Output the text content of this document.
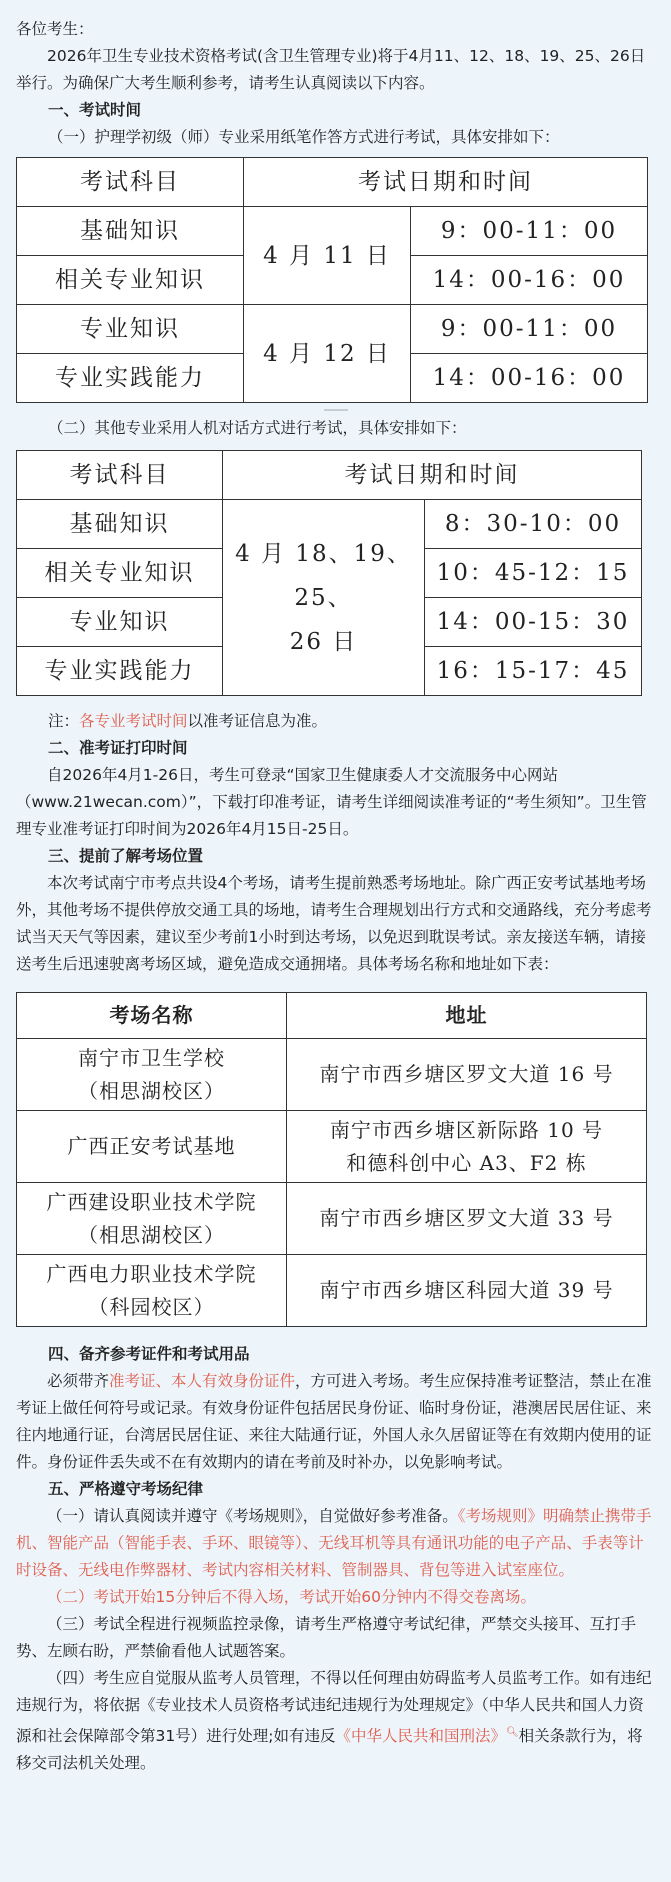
各位考生：

2026年卫生专业技术资格考试(含卫生管理专业)将于4月11、12、18、19、25、26日举行。为确保广大考生顺利参考，请考生认真阅读以下内容。

一、考试时间

（一）护理学初级（师）专业采用纸笔作答方式进行考试，具体安排如下：

考试科目	考试日期和时间	
基础知识	4 月 11 日	9：00-11：00
相关专业知识		14：00-16：00
专业知识	4 月 12 日	9：00-11：00
专业实践能力		14：00-16：00

（二）其他专业采用人机对话方式进行考试，具体安排如下：

考试科目	考试日期和时间	
基础知识	4 月 18、19、25、
26 日	8：30-10：00
相关专业知识		10：45-12：15
专业知识		14：00-15：30
专业实践能力		16：15-17：45

注：各专业考试时间以准考证信息为准。

二、准考证打印时间

自2026年4月1-26日，考生可登录“国家卫生健康委人才交流服务中心网站（www.21wecan.com）”，下载打印准考证，请考生详细阅读准考证的“考生须知”。卫生管理专业准考证打印时间为2026年4月15日-25日。

三、提前了解考场位置

本次考试南宁市考点共设4个考场，请考生提前熟悉考场地址。除广西正安考试基地考场外，其他考场不提供停放交通工具的场地，请考生合理规划出行方式和交通路线，充分考虑考试当天天气等因素，建议至少考前1小时到达考场，以免迟到耽误考试。亲友接送车辆，请接送考生后迅速驶离考场区域，避免造成交通拥堵。具体考场名称和地址如下表：

考场名称	地址
南宁市卫生学校
（相思湖校区）	南宁市西乡塘区罗文大道 16 号
广西正安考试基地	南宁市西乡塘区新际路 10 号
和德科创中心 A3、F2 栋
广西建设职业技术学院
（相思湖校区）	南宁市西乡塘区罗文大道 33 号
广西电力职业技术学院
（科园校区）	南宁市西乡塘区科园大道 39 号

四、备齐参考证件和考试用品

必须带齐准考证、本人有效身份证件，方可进入考场。考生应保持准考证整洁，禁止在准考证上做任何符号或记录。有效身份证件包括居民身份证、临时身份证，港澳居民居住证、来往内地通行证，台湾居民居住证、来往大陆通行证，外国人永久居留证等在有效期内使用的证件。身份证件丢失或不在有效期内的请在考前及时补办，以免影响考试。

五、严格遵守考场纪律

（一）请认真阅读并遵守《考场规则》，自觉做好参考准备。《考场规则》明确禁止携带手机、智能产品（智能手表、手环、眼镜等）、无线耳机等具有通讯功能的电子产品、手表等计时设备、无线电作弊器材、考试内容相关材料、管制器具、背包等进入试室座位。

（二）考试开始15分钟后不得入场，考试开始60分钟内不得交卷离场。

（三）考试全程进行视频监控录像，请考生严格遵守考试纪律，严禁交头接耳、互打手势、左顾右盼，严禁偷看他人试题答案。

（四）考生应自觉服从监考人员管理，不得以任何理由妨碍监考人员监考工作。如有违纪违规行为，将依据《专业技术人员资格考试违纪违规行为处理规定》（中华人民共和国人力资源和社会保障部令第31号）进行处理;如有违反《中华人民共和国刑法》🔍︎相关条款行为，将移交司法机关处理。
